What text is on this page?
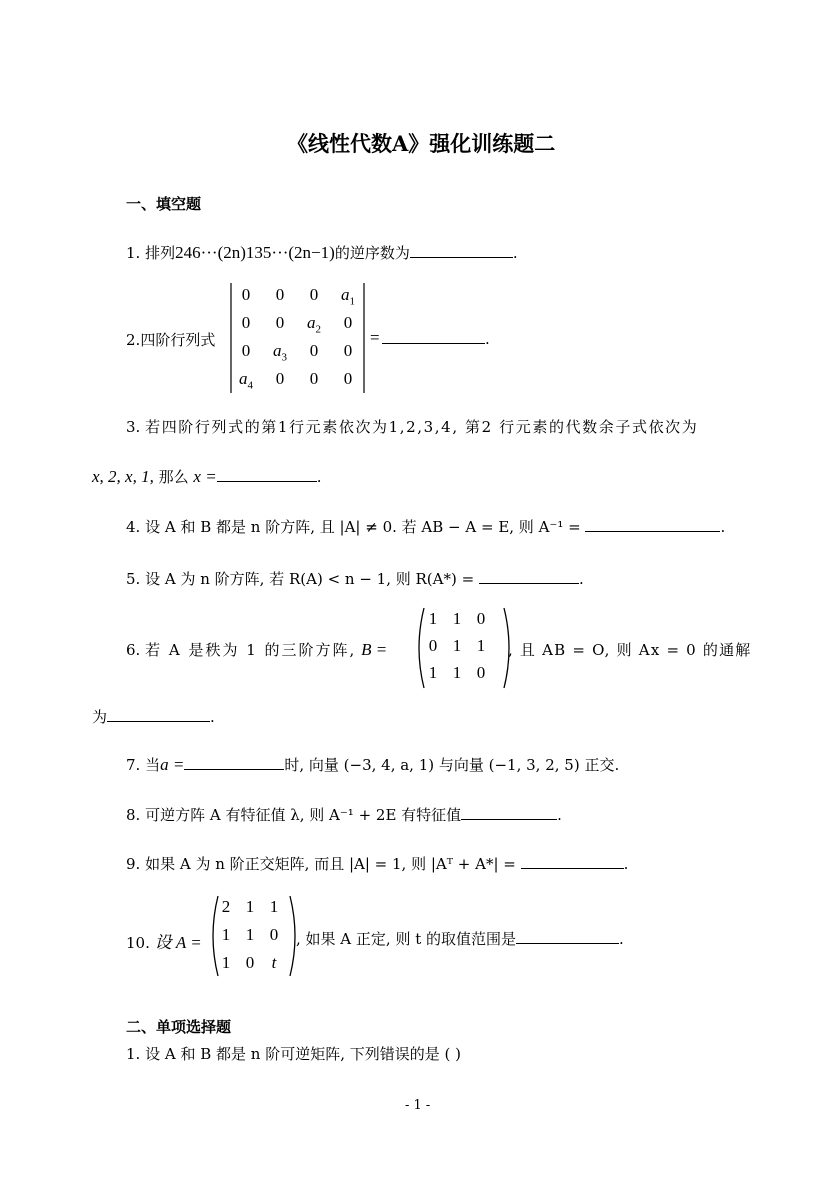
《线性代数A》强化训练题二
一、填空题
1. 排列246···(2n)135···(2n−1)的逆序数为	.
2.四阶行列式
0	0	0	$a_1$
0	0	$a_2$	0
0	$a_3$	0	0
$a_4$	0	0	0
=	.
3. 若四阶行列式的第1行元素依次为1,2,3,4, 第2 行元素的代数余子式依次为
x, 2, x, 1, 那么 x =	.
4. 设 A 和 B 都是 n 阶方阵, 且 |A| ≠ 0. 若 AB − A = E, 则 A⁻¹ =	.
5. 设 A 为 n 阶方阵, 若 R(A) < n − 1, 则 R(A*) =	.
6. 若 A 是秩为 1 的三阶方阵, B =
1 1 0
0 1 1
1 1 0
, 且 AB = O, 则 Ax = 0 的通解
为	.
7. 当a =	时, 向量 (−3, 4, a, 1) 与向量 (−1, 3, 2, 5) 正交.
8. 可逆方阵 A 有特征值 λ, 则 A⁻¹ + 2E 有特征值	.
9. 如果 A 为 n 阶正交矩阵, 而且 |A| = 1, 则 |Aᵀ + A*| =	.
10. 设 A =
2 1 1
1 1 0
1 0	t
, 如果 A 正定, 则 t 的取值范围是	.
二、单项选择题
1. 设 A 和 B 都是 n 阶可逆矩阵, 下列错误的是 ( )
- 1 -
